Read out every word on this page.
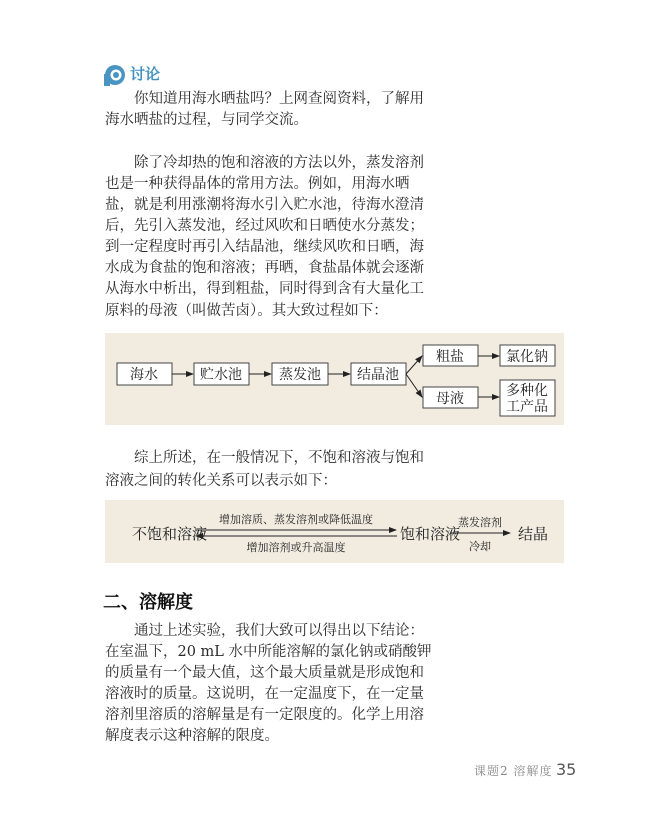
讨论
你知道用海水晒盐吗？上网查阅资料，了解用
海水晒盐的过程，与同学交流。
除了冷却热的饱和溶液的方法以外，蒸发溶剂
也是一种获得晶体的常用方法。例如，用海水晒
盐，就是利用涨潮将海水引入贮水池，待海水澄清
后，先引入蒸发池，经过风吹和日晒使水分蒸发；
到一定程度时再引入结晶池，继续风吹和日晒，海
水成为食盐的饱和溶液；再晒，食盐晶体就会逐渐
从海水中析出，得到粗盐，同时得到含有大量化工
原料的母液（叫做苦卤）。其大致过程如下：
海水	贮水池	蒸发池	结晶池
粗盐
母液
氯化钠
多种化
工产品
综上所述，在一般情况下，不饱和溶液与饱和
溶液之间的转化关系可以表示如下：
不饱和溶液
增加溶质、蒸发溶剂或降低温度
增加溶剂或升高温度
饱和溶液
蒸发溶剂
冷却
结晶
二、溶解度
通过上述实验，我们大致可以得出以下结论：
在室温下，20 mL 水中所能溶解的氯化钠或硝酸钾
的质量有一个最大值，这个最大质量就是形成饱和
溶液时的质量。这说明，在一定温度下，在一定量
溶剂里溶质的溶解量是有一定限度的。化学上用溶
解度表示这种溶解的限度。
课题2 溶解度 35
